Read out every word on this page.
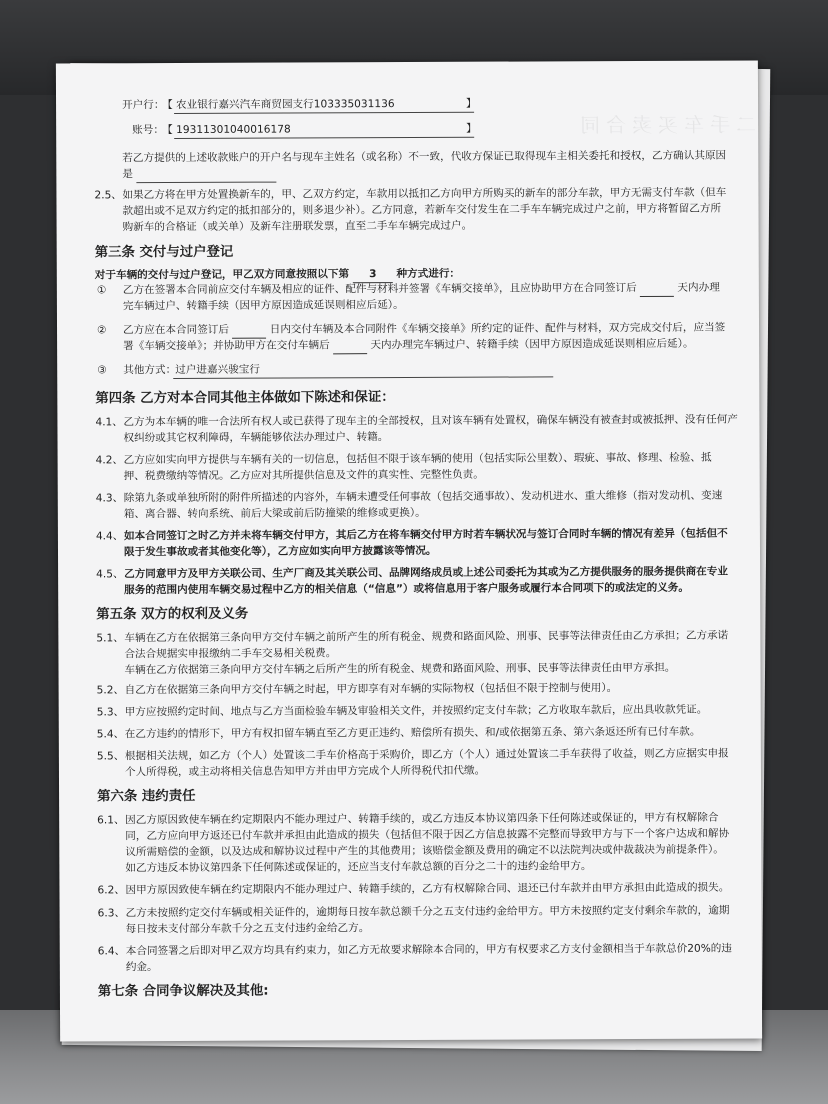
二手车买卖合同
开户行：
【 农业银行嘉兴汽车商贸园支行103335031136	】
账号：
【 19311301040016178	】
若乙方提供的上述收款账户的开户名与现车主姓名（或名称）不一致，代收方保证已取得现车主相关委托和授权，乙方确认其原因
是
2.5、 如果乙方将在甲方处置换新车的，甲、乙双方约定，车款用以抵扣乙方向甲方所购买的新车的部分车款，甲方无需支付车款（但车
款超出或不足双方约定的抵扣部分的，则多退少补）。乙方同意，若新车交付发生在二手车车辆完成过户之前，甲方将暂留乙方所
购新车的合格证（或关单）及新车注册联发票，直至二手车车辆完成过户。
第三条 交付与过户登记
对于车辆的交付与过户登记，甲乙双方同意按照以下第 3 种方式进行：
① 乙方在签署本合同前应交付车辆及相应的证件、配件与材料并签署《车辆交接单》，且应协助甲方在合同签订后	天内办理
完车辆过户、转籍手续（因甲方原因造成延误则相应后延）。
② 乙方应在本合同签订后	日内交付车辆及本合同附件《车辆交接单》所约定的证件、配件与材料，双方完成交付后，应当签
署《车辆交接单》；并协助甲方在交付车辆后	天内办理完车辆过户、转籍手续（因甲方原因造成延误则相应后延）。
③ 其他方式：
过户进嘉兴骏宝行
第四条 乙方对本合同其他主体做如下陈述和保证：
4.1、 乙方为本车辆的唯一合法所有权人或已获得了现车主的全部授权，且对该车辆有处置权，确保车辆没有被查封或被抵押、没有任何产
权纠纷或其它权利障碍，车辆能够依法办理过户、转籍。
4.2、 乙方应如实向甲方提供与车辆有关的一切信息，包括但不限于该车辆的使用（包括实际公里数）、瑕疵、事故、修理、检验、抵
押、税费缴纳等情况。乙方应对其所提供信息及文件的真实性、完整性负责。
4.3、 除第九条或单独所附的附件所描述的内容外，车辆未遭受任何事故（包括交通事故）、发动机进水、重大维修（指对发动机、变速
箱、离合器、转向系统、前后大梁或前后防撞梁的维修或更换）。
4.4、 如本合同签订之时乙方并未将车辆交付甲方，其后乙方在将车辆交付甲方时若车辆状况与签订合同时车辆的情况有差异（包括但不
限于发生事故或者其他变化等），乙方应如实向甲方披露该等情况。
4.5、 乙方同意甲方及甲方关联公司、生产厂商及其关联公司、品牌网络成员或上述公司委托为其或为乙方提供服务的服务提供商在专业
服务的范围内使用车辆交易过程中乙方的相关信息（“信息”）或将信息用于客户服务或履行本合同项下的或法定的义务。
第五条 双方的权利及义务
5.1、 车辆在乙方在依据第三条向甲方交付车辆之前所产生的所有税金、规费和路面风险、刑事、民事等法律责任由乙方承担；乙方承诺
合法合规据实申报缴纳二手车交易相关税费。
车辆在乙方依据第三条向甲方交付车辆之后所产生的所有税金、规费和路面风险、刑事、民事等法律责任由甲方承担。
5.2、 自乙方在依据第三条向甲方交付车辆之时起，甲方即享有对车辆的实际物权（包括但不限于控制与使用）。
5.3、 甲方应按照约定时间、地点与乙方当面检验车辆及审验相关文件，并按照约定支付车款；乙方收取车款后，应出具收款凭证。
5.4、 在乙方违约的情形下，甲方有权扣留车辆直至乙方更正违约、赔偿所有损失、和/或依据第五条、第六条返还所有已付车款。
5.5、 根据相关法规，如乙方（个人）处置该二手车价格高于采购价，即乙方（个人）通过处置该二手车获得了收益，则乙方应据实申报
个人所得税，或主动将相关信息告知甲方并由甲方完成个人所得税代扣代缴。
第六条 违约责任
6.1、 因乙方原因致使车辆在约定期限内不能办理过户、转籍手续的，或乙方违反本协议第四条下任何陈述或保证的，甲方有权解除合
同，乙方应向甲方返还已付车款并承担由此造成的损失（包括但不限于因乙方信息披露不完整而导致甲方与下一个客户达成和解协
议所需赔偿的金额，以及达成和解协议过程中产生的其他费用；该赔偿金额及费用的确定不以法院判决或仲裁裁决为前提条件）。
如乙方违反本协议第四条下任何陈述或保证的，还应当支付车款总额的百分之二十的违约金给甲方。
6.2、 因甲方原因致使车辆在约定期限内不能办理过户、转籍手续的，乙方有权解除合同、退还已付车款并由甲方承担由此造成的损失。
6.3、 乙方未按照约定交付车辆或相关证件的，逾期每日按车款总额千分之五支付违约金给甲方。甲方未按照约定支付剩余车款的，逾期
每日按未支付部分车款千分之五支付违约金给乙方。
6.4、 本合同签署之后即对甲乙双方均具有约束力，如乙方无故要求解除本合同的，甲方有权要求乙方支付金额相当于车款总价20%的违
约金。
第七条 合同争议解决及其他:
